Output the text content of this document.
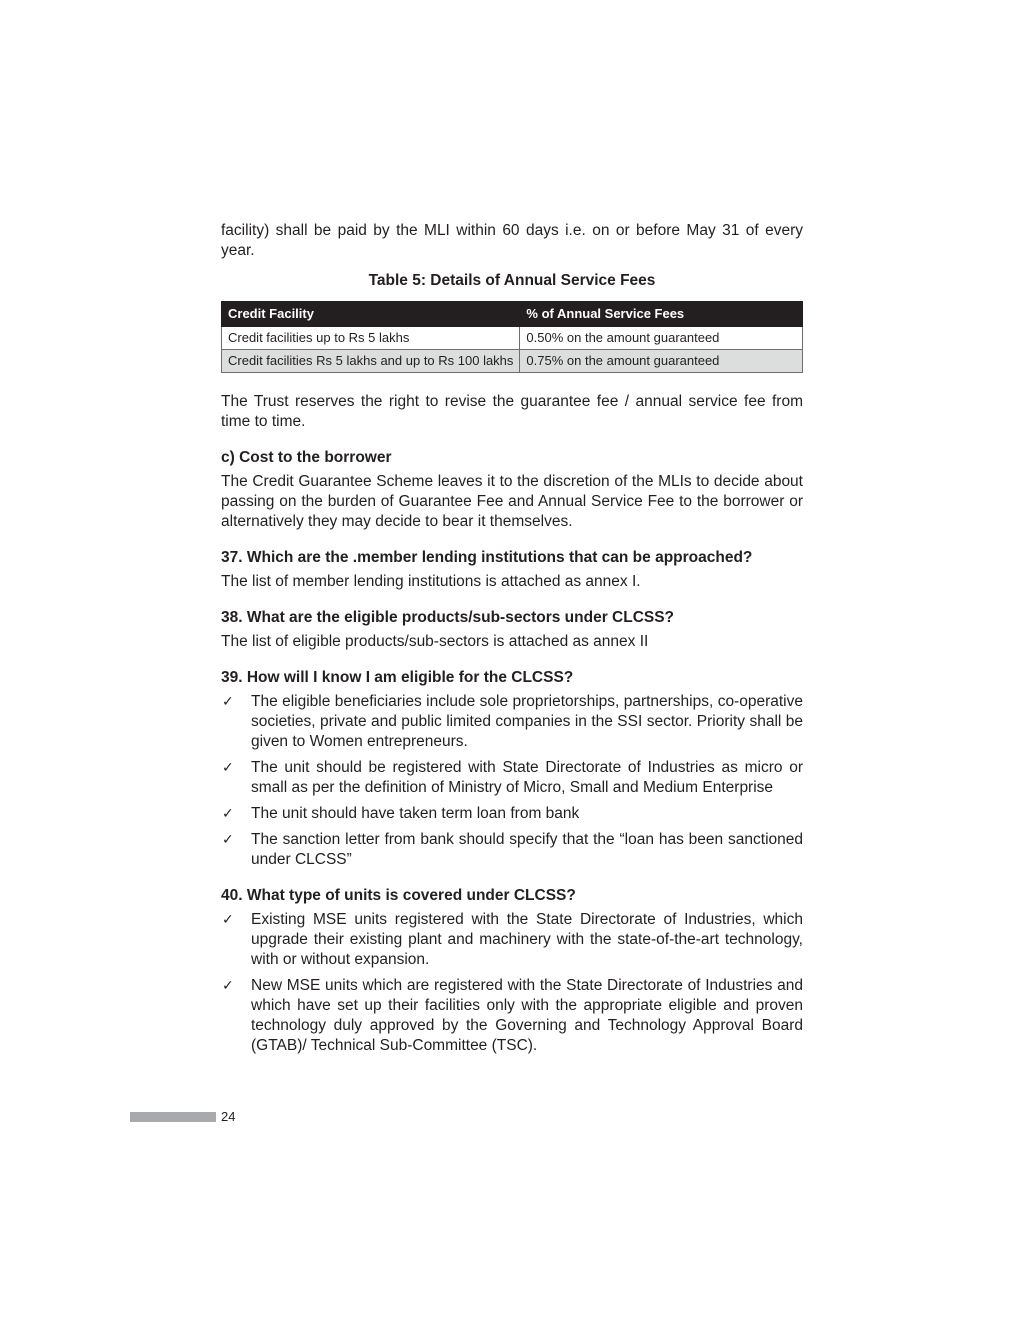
facility) shall be paid by the MLI within 60 days i.e. on or before May 31 of every year.

Table 5: Details of Annual Service Fees
Credit Facility	% of Annual Service Fees
Credit facilities up to Rs 5 lakhs	0.50% on the amount guaranteed
Credit facilities Rs 5 lakhs and up to Rs 100 lakhs	0.75% on the amount guaranteed

The Trust reserves the right to revise the guarantee fee / annual service fee from time to time.

c) Cost to the borrower

The Credit Guarantee Scheme leaves it to the discretion of the MLIs to decide about passing on the burden of Guarantee Fee and Annual Service Fee to the borrower or alternatively they may decide to bear it themselves.

37. Which are the .member lending institutions that can be approached?

The list of member lending institutions is attached as annex I.

38. What are the eligible products/sub-sectors under CLCSS?

The list of eligible products/sub-sectors is attached as annex II

39. How will I know I am eligible for the CLCSS?
✓ The eligible beneficiaries include sole proprietorships, partnerships, co-operative societies, private and public limited companies in the SSI sector. Priority shall be given to Women entrepreneurs.
✓ The unit should be registered with State Directorate of Industries as micro or small as per the definition of Ministry of Micro, Small and Medium Enterprise
✓ The unit should have taken term loan from bank
✓ The sanction letter from bank should specify that the “loan has been sanctioned under CLCSS”
40. What type of units is covered under CLCSS?
✓ Existing MSE units registered with the State Directorate of Industries, which upgrade their existing plant and machinery with the state-of-the-art technology, with or without expansion.
✓ New MSE units which are registered with the State Directorate of Industries and which have set up their facilities only with the appropriate eligible and proven technology duly approved by the Governing and Technology Approval Board (GTAB)/ Technical Sub-Committee (TSC).
24
